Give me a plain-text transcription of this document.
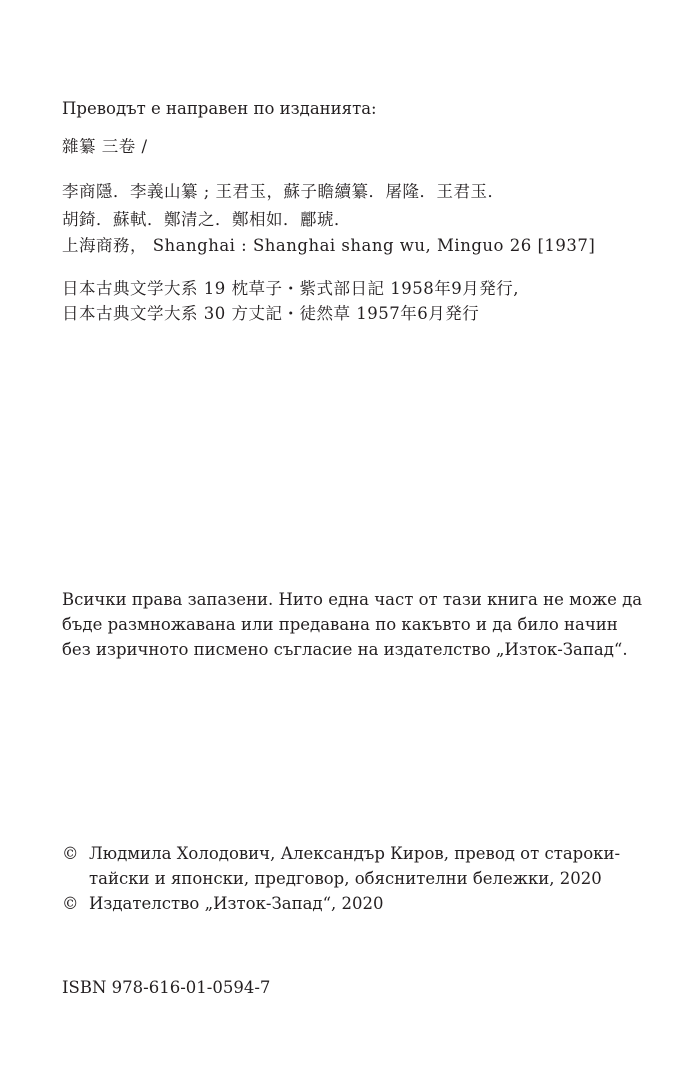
Преводът е направен по изданията:
雜纂 三卷 /
李商隱．李義山纂 ; 王君玉，蘇子瞻續纂．屠隆．王君玉．
胡錡．蘇軾．鄭清之．鄭相如．酈琥．
上海商務， Shanghai : Shanghai shang wu, Minguo 26 [1937]
日本古典文学大系 19 枕草子・紫式部日記 1958年9月発行,
日本古典文学大系 30 方丈記・徒然草 1957年6月発行
Всички права запазени. Нито една част от тази книга не може да
бъде размножавана или предавана по какъвто и да било начин
без изричното писмено съгласие на издателство „Изток-Запад“.
© Людмила Холодович, Александър Киров, превод от староки-
тайски и японски, предговор, обяснителни бележки, 2020
© Издателство „Изток-Запад“, 2020
ISBN 978-616-01-0594-7
